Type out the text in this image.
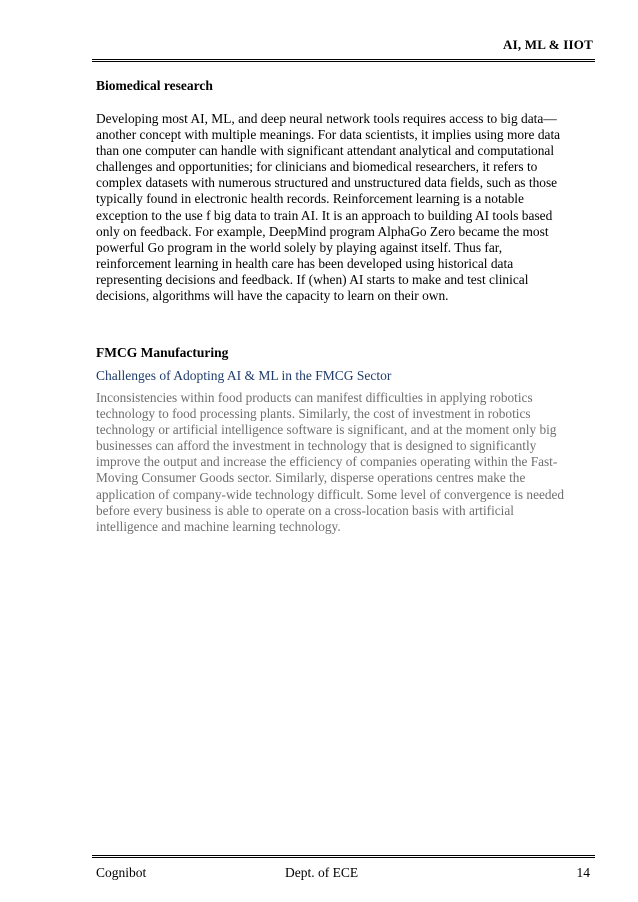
AI, ML & IIOT
Biomedical research
Developing most AI, ML, and deep neural network tools requires access to big data—
another concept with multiple meanings. For data scientists, it implies using more data
than one computer can handle with significant attendant analytical and computational
challenges and opportunities; for clinicians and biomedical researchers, it refers to
complex datasets with numerous structured and unstructured data fields, such as those
typically found in electronic health records. Reinforcement learning is a notable
exception to the use f big data to train AI. It is an approach to building AI tools based
only on feedback. For example, DeepMind program AlphaGo Zero became the most
powerful Go program in the world solely by playing against itself. Thus far,
reinforcement learning in health care has been developed using historical data
representing decisions and feedback. If (when) AI starts to make and test clinical
decisions, algorithms will have the capacity to learn on their own.
FMCG Manufacturing
Challenges of Adopting AI & ML in the FMCG Sector
Inconsistencies within food products can manifest difficulties in applying robotics
technology to food processing plants. Similarly, the cost of investment in robotics
technology or artificial intelligence software is significant, and at the moment only big
businesses can afford the investment in technology that is designed to significantly
improve the output and increase the efficiency of companies operating within the Fast-
Moving Consumer Goods sector. Similarly, disperse operations centres make the
application of company-wide technology difficult. Some level of convergence is needed
before every business is able to operate on a cross-location basis with artificial
intelligence and machine learning technology.
Cognibot	Dept. of ECE	14
